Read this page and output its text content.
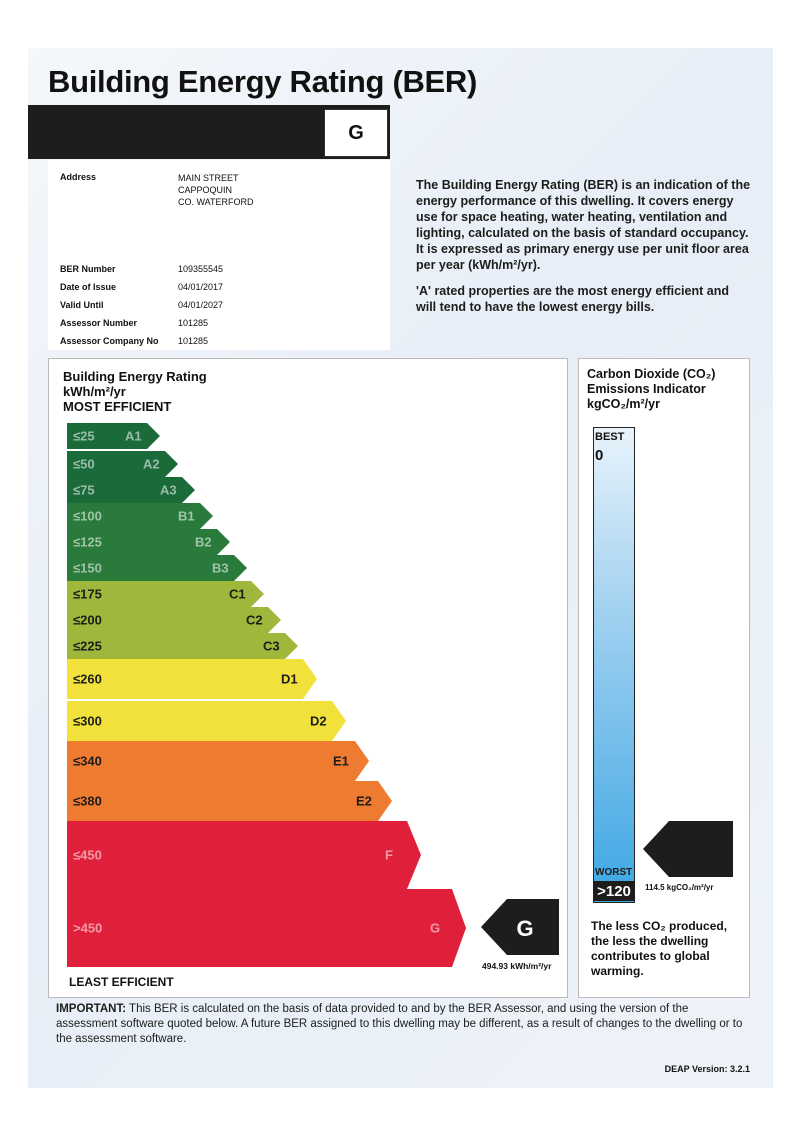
Building Energy Rating (BER)
G
Address	MAIN STREET
CAPPOQUIN
CO. WATERFORD
BER Number	109355545
Date of Issue	04/01/2017
Valid Until	04/01/2027
Assessor Number	101285
Assessor Company No 101285

The Building Energy Rating (BER) is an indication of the energy performance of this dwelling. It covers energy use for space heating, water heating, ventilation and lighting, calculated on the basis of standard occupancy. It is expressed as primary energy use per unit floor area per year (kWh/m²/yr).

'A' rated properties are the most energy efficient and will tend to have the lowest energy bills.

Building Energy Rating
kWh/m²/yr
MOST EFFICIENT
≤25 A1
≤50	A2
≤75	A3
≤100	B1
≤125	B2
≤150	B3
≤175	C1
≤200	C2
≤225	C3
≤260	D1
≤300	D2
≤340	E1
≤380	E2
≤450	F
>450	G
LEAST EFFICIENT
G
494.93 kWh/m²/yr
Carbon Dioxide (CO₂)
Emissions Indicator
kgCO₂/m²/yr
BEST
0
WORST
>120	114.5 kgCO₂/m²/yr
The less CO₂ produced, the less the dwelling contributes to global warming.
IMPORTANT: This BER is calculated on the basis of data provided to and by the BER Assessor, and using the version of the assessment software quoted below. A future BER assigned to this dwelling may be different, as a result of changes to the dwelling or to the assessment software.
DEAP Version: 3.2.1
